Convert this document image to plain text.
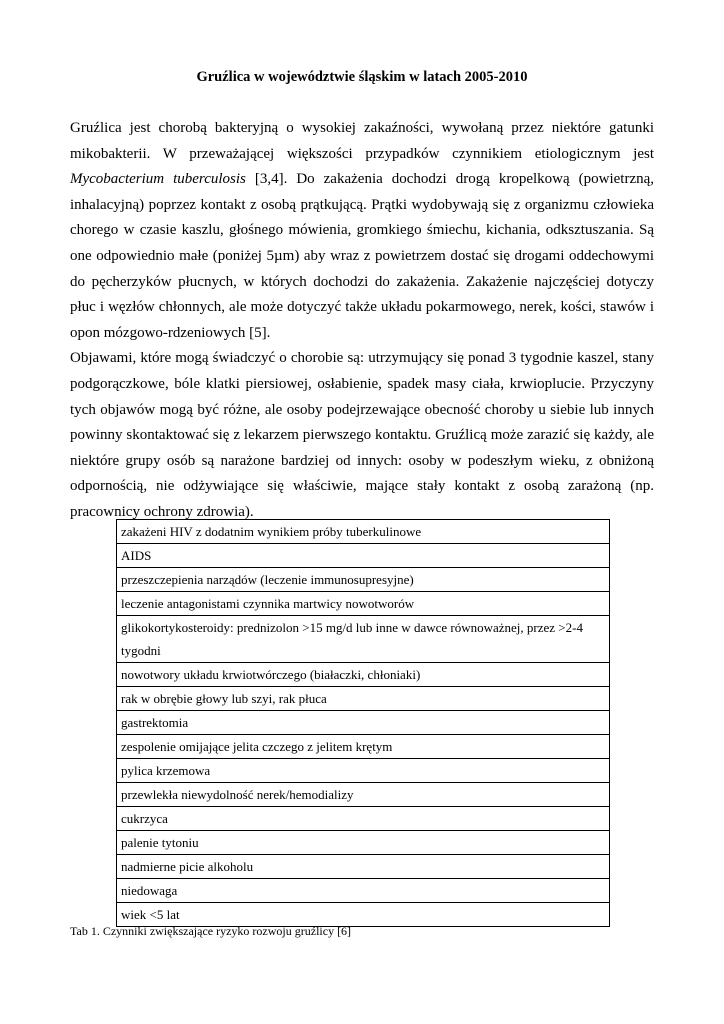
Gruźlica w województwie śląskim w latach 2005-2010

Gruźlica jest chorobą bakteryjną o wysokiej zakaźności, wywołaną przez niektóre gatunki mikobakterii. W przeważającej większości przypadków czynnikiem etiologicznym jest Mycobacterium tuberculosis [3,4]. Do zakażenia dochodzi drogą kropelkową (powietrzną, inhalacyjną) poprzez kontakt z osobą prątkującą. Prątki wydobywają się z organizmu człowieka chorego w czasie kaszlu, głośnego mówienia, gromkiego śmiechu, kichania, odksztuszania. Są one odpowiednio małe (poniżej 5µm) aby wraz z powietrzem dostać się drogami oddechowymi do pęcherzyków płucnych, w których dochodzi do zakażenia. Zakażenie najczęściej dotyczy płuc i węzłów chłonnych, ale może dotyczyć także układu pokarmowego, nerek, kości, stawów i opon mózgowo-rdzeniowych [5].

Objawami, które mogą świadczyć o chorobie są: utrzymujący się ponad 3 tygodnie kaszel, stany podgorączkowe, bóle klatki piersiowej, osłabienie, spadek masy ciała, krwioplucie. Przyczyny tych objawów mogą być różne, ale osoby podejrzewające obecność choroby u siebie lub innych powinny skontaktować się z lekarzem pierwszego kontaktu. Gruźlicą może zarazić się każdy, ale niektóre grupy osób są narażone bardziej od innych: osoby w podeszłym wieku, z obniżoną odpornością, nie odżywiające się właściwie, mające stały kontakt z osobą zarażoną (np. pracownicy ochrony zdrowia).

zakażeni HIV z dodatnim wynikiem próby tuberkulinowe
AIDS
przeszczepienia narządów (leczenie immunosupresyjne)
leczenie antagonistami czynnika martwicy nowotworów
glikokortykosteroidy: prednizolon >15 mg/d lub inne w dawce równoważnej, przez >2-4 tygodni
nowotwory układu krwiotwórczego (białaczki, chłoniaki)
rak w obrębie głowy lub szyi, rak płuca
gastrektomia
zespolenie omijające jelita czczego z jelitem krętym
pylica krzemowa
przewlekła niewydolność nerek/hemodializy
cukrzyca
palenie tytoniu
nadmierne picie alkoholu
niedowaga
wiek <5 lat
Tab 1. Czynniki zwiększające ryzyko rozwoju gruźlicy [6]
